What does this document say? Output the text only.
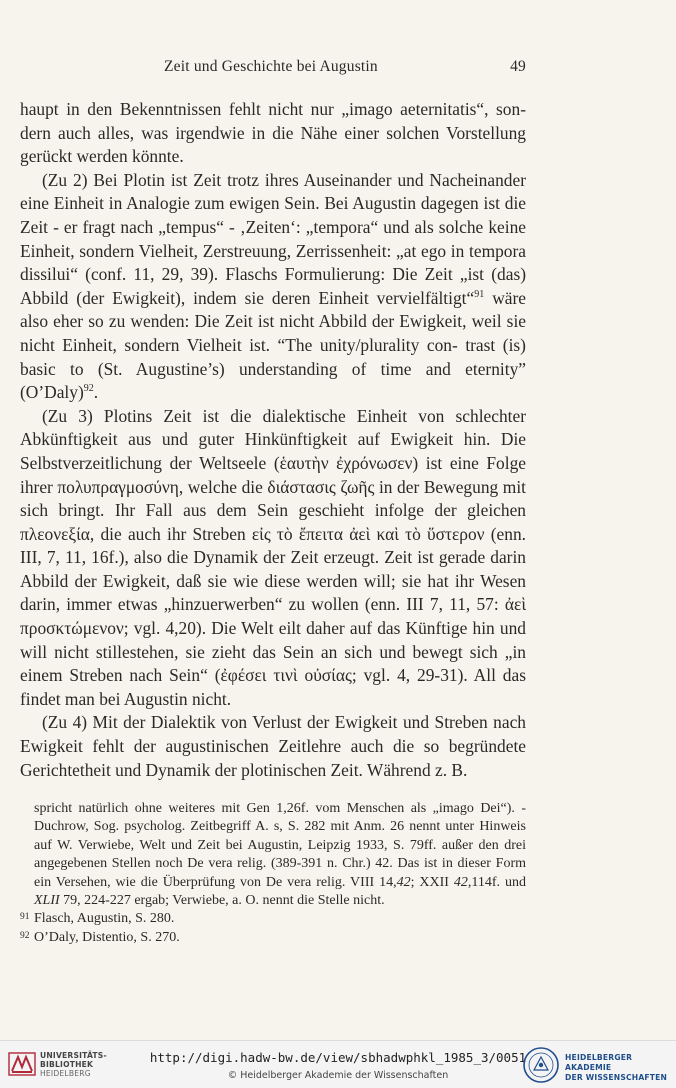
Zeit und Geschichte bei Augustin	49

haupt in den Bekenntnissen fehlt nicht nur „imago aeternitatis“, son- dern auch alles, was irgendwie in die Nähe einer solchen Vorstellung gerückt werden könnte.

(Zu 2) Bei Plotin ist Zeit trotz ihres Auseinander und Nacheinander eine Einheit in Analogie zum ewigen Sein. Bei Augustin dagegen ist die Zeit - er fragt nach „tempus“ - ‚Zeiten‘: „tempora“ und als solche keine Einheit, sondern Vielheit, Zerstreuung, Zerrissenheit: „at ego in tempora dissilui“ (conf. 11, 29, 39). Flaschs Formulierung: Die Zeit „ist (das) Abbild (der Ewigkeit), indem sie deren Einheit vervielfältigt“$^{91}$ wäre also eher so zu wenden: Die Zeit ist nicht Abbild der Ewigkeit, weil sie nicht Einheit, sondern Vielheit ist. “The unity/plurality con- trast (is) basic to (St. Augustine’s) understanding of time and eternity” (O’Daly)$^{92}$.

(Zu 3) Plotins Zeit ist die dialektische Einheit von schlechter Abkünftigkeit aus und guter Hinkünftigkeit auf Ewigkeit hin. Die Selbstverzeitlichung der Weltseele (ἑαυτὴν ἐχρόνωσεν) ist eine Folge ihrer πολυπραγμοσύνη, welche die διάστασις ζωῆς in der Bewegung mit sich bringt. Ihr Fall aus dem Sein geschieht infolge der gleichen πλεονεξία, die auch ihr Streben εἰς τὸ ἔπειτα ἀεὶ καὶ τὸ ὕστερον (enn. III, 7, 11, 16f.), also die Dynamik der Zeit erzeugt. Zeit ist gerade darin Abbild der Ewigkeit, daß sie wie diese werden will; sie hat ihr Wesen darin, immer etwas „hinzuerwerben“ zu wollen (enn. III 7, 11, 57: ἀεὶ προσκτώμενον; vgl. 4,20). Die Welt eilt daher auf das Künftige hin und will nicht stillestehen, sie zieht das Sein an sich und bewegt sich „in einem Streben nach Sein“ (ἐφέσει τινὶ οὐσίας; vgl. 4, 29-31). All das findet man bei Augustin nicht.

(Zu 4) Mit der Dialektik von Verlust der Ewigkeit und Streben nach Ewigkeit fehlt der augustinischen Zeitlehre auch die so begründete Gerichtetheit und Dynamik der plotinischen Zeit. Während z. B.

spricht natürlich ohne weiteres mit Gen 1,26f. vom Menschen als „imago Dei“). - Duchrow, Sog. psycholog. Zeitbegriff A. s, S. 282 mit Anm. 26 nennt unter Hinweis auf W. Verwiebe, Welt und Zeit bei Augustin, Leipzig 1933, S. 79ff. außer den drei angegebenen Stellen noch De vera relig. (389-391 n. Chr.) 42. Das ist in dieser Form ein Versehen, wie die Überprüfung von De vera relig. VIII 14,42; XXII 42,114f. und XLII 79, 224-227 ergab; Verwiebe, a. O. nennt die Stelle nicht.

91 Flasch, Augustin, S. 280.

92 O’Daly, Distentio, S. 270.

UNIVERSITÄTS-
BIBLIOTHEK
HEIDELBERG
http://digi.hadw-bw.de/view/sbhadwphkl_1985_3/0051
© Heidelberger Akademie der Wissenschaften
HEIDELBERGER AKADEMIE
DER WISSENSCHAFTEN
